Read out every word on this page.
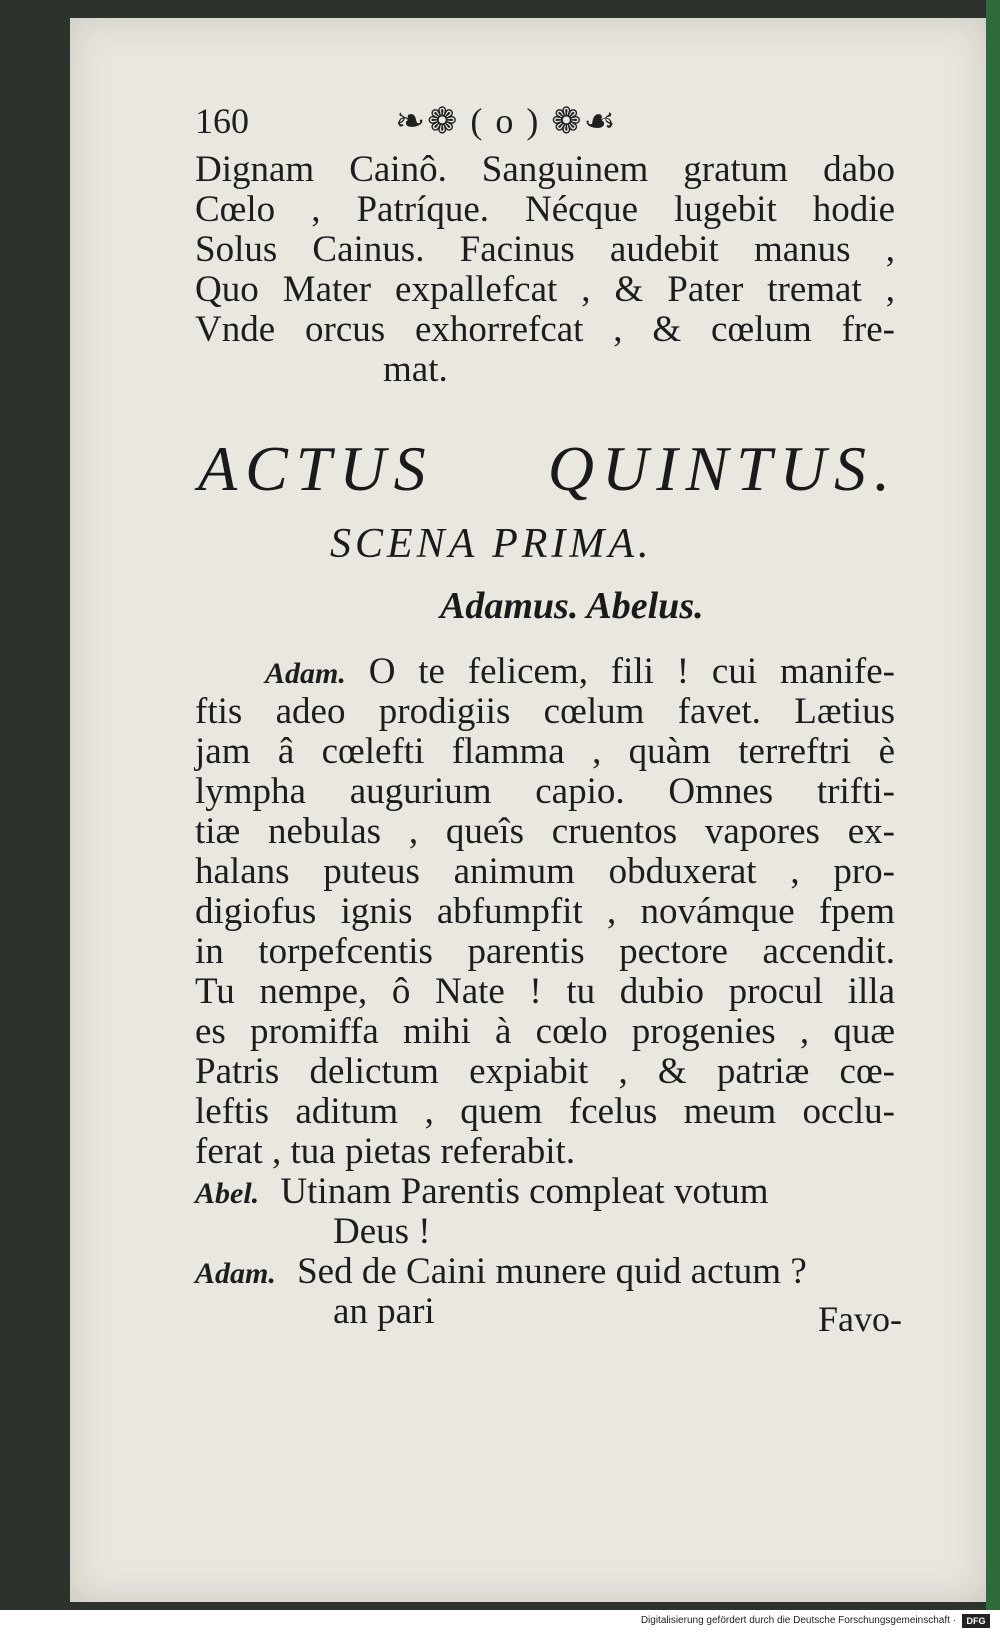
160	❧❁ ( o ) ❁☙
Dignam Cainô. Sanguinem gratum dabo
Cœlo , Patríque. Nécque lugebit hodie
Solus Cainus. Facinus audebit manus ,
Quo Mater expallefcat , & Pater tremat ,
Vnde orcus exhorrefcat , & cœlum fre-
mat.
ACTUS QUINTUS.
SCENA PRIMA.
Adamus. Abelus.
Adam. O te felicem, fili ! cui manife-
ftis adeo prodigiis cœlum favet. Lætius
jam â cœlefti flamma , quàm terreftri è
lympha augurium capio. Omnes trifti-
tiæ nebulas , queîs cruentos vapores ex-
halans puteus animum obduxerat , pro-
digiofus ignis abfumpfit , novámque fpem
in torpefcentis parentis pectore accendit.
Tu nempe, ô Nate ! tu dubio procul illa
es promiffa mihi à cœlo progenies , quæ
Patris delictum expiabit , & patriæ cœ-
leftis aditum , quem fcelus meum occlu-
ferat , tua pietas referabit.
Abel. Utinam Parentis compleat votum
Deus !
Adam. Sed de Caini munere quid actum ?
an pari	Favo-
Digitalisierung gefördert durch die Deutsche Forschungsgemeinschaft ·	DFG
